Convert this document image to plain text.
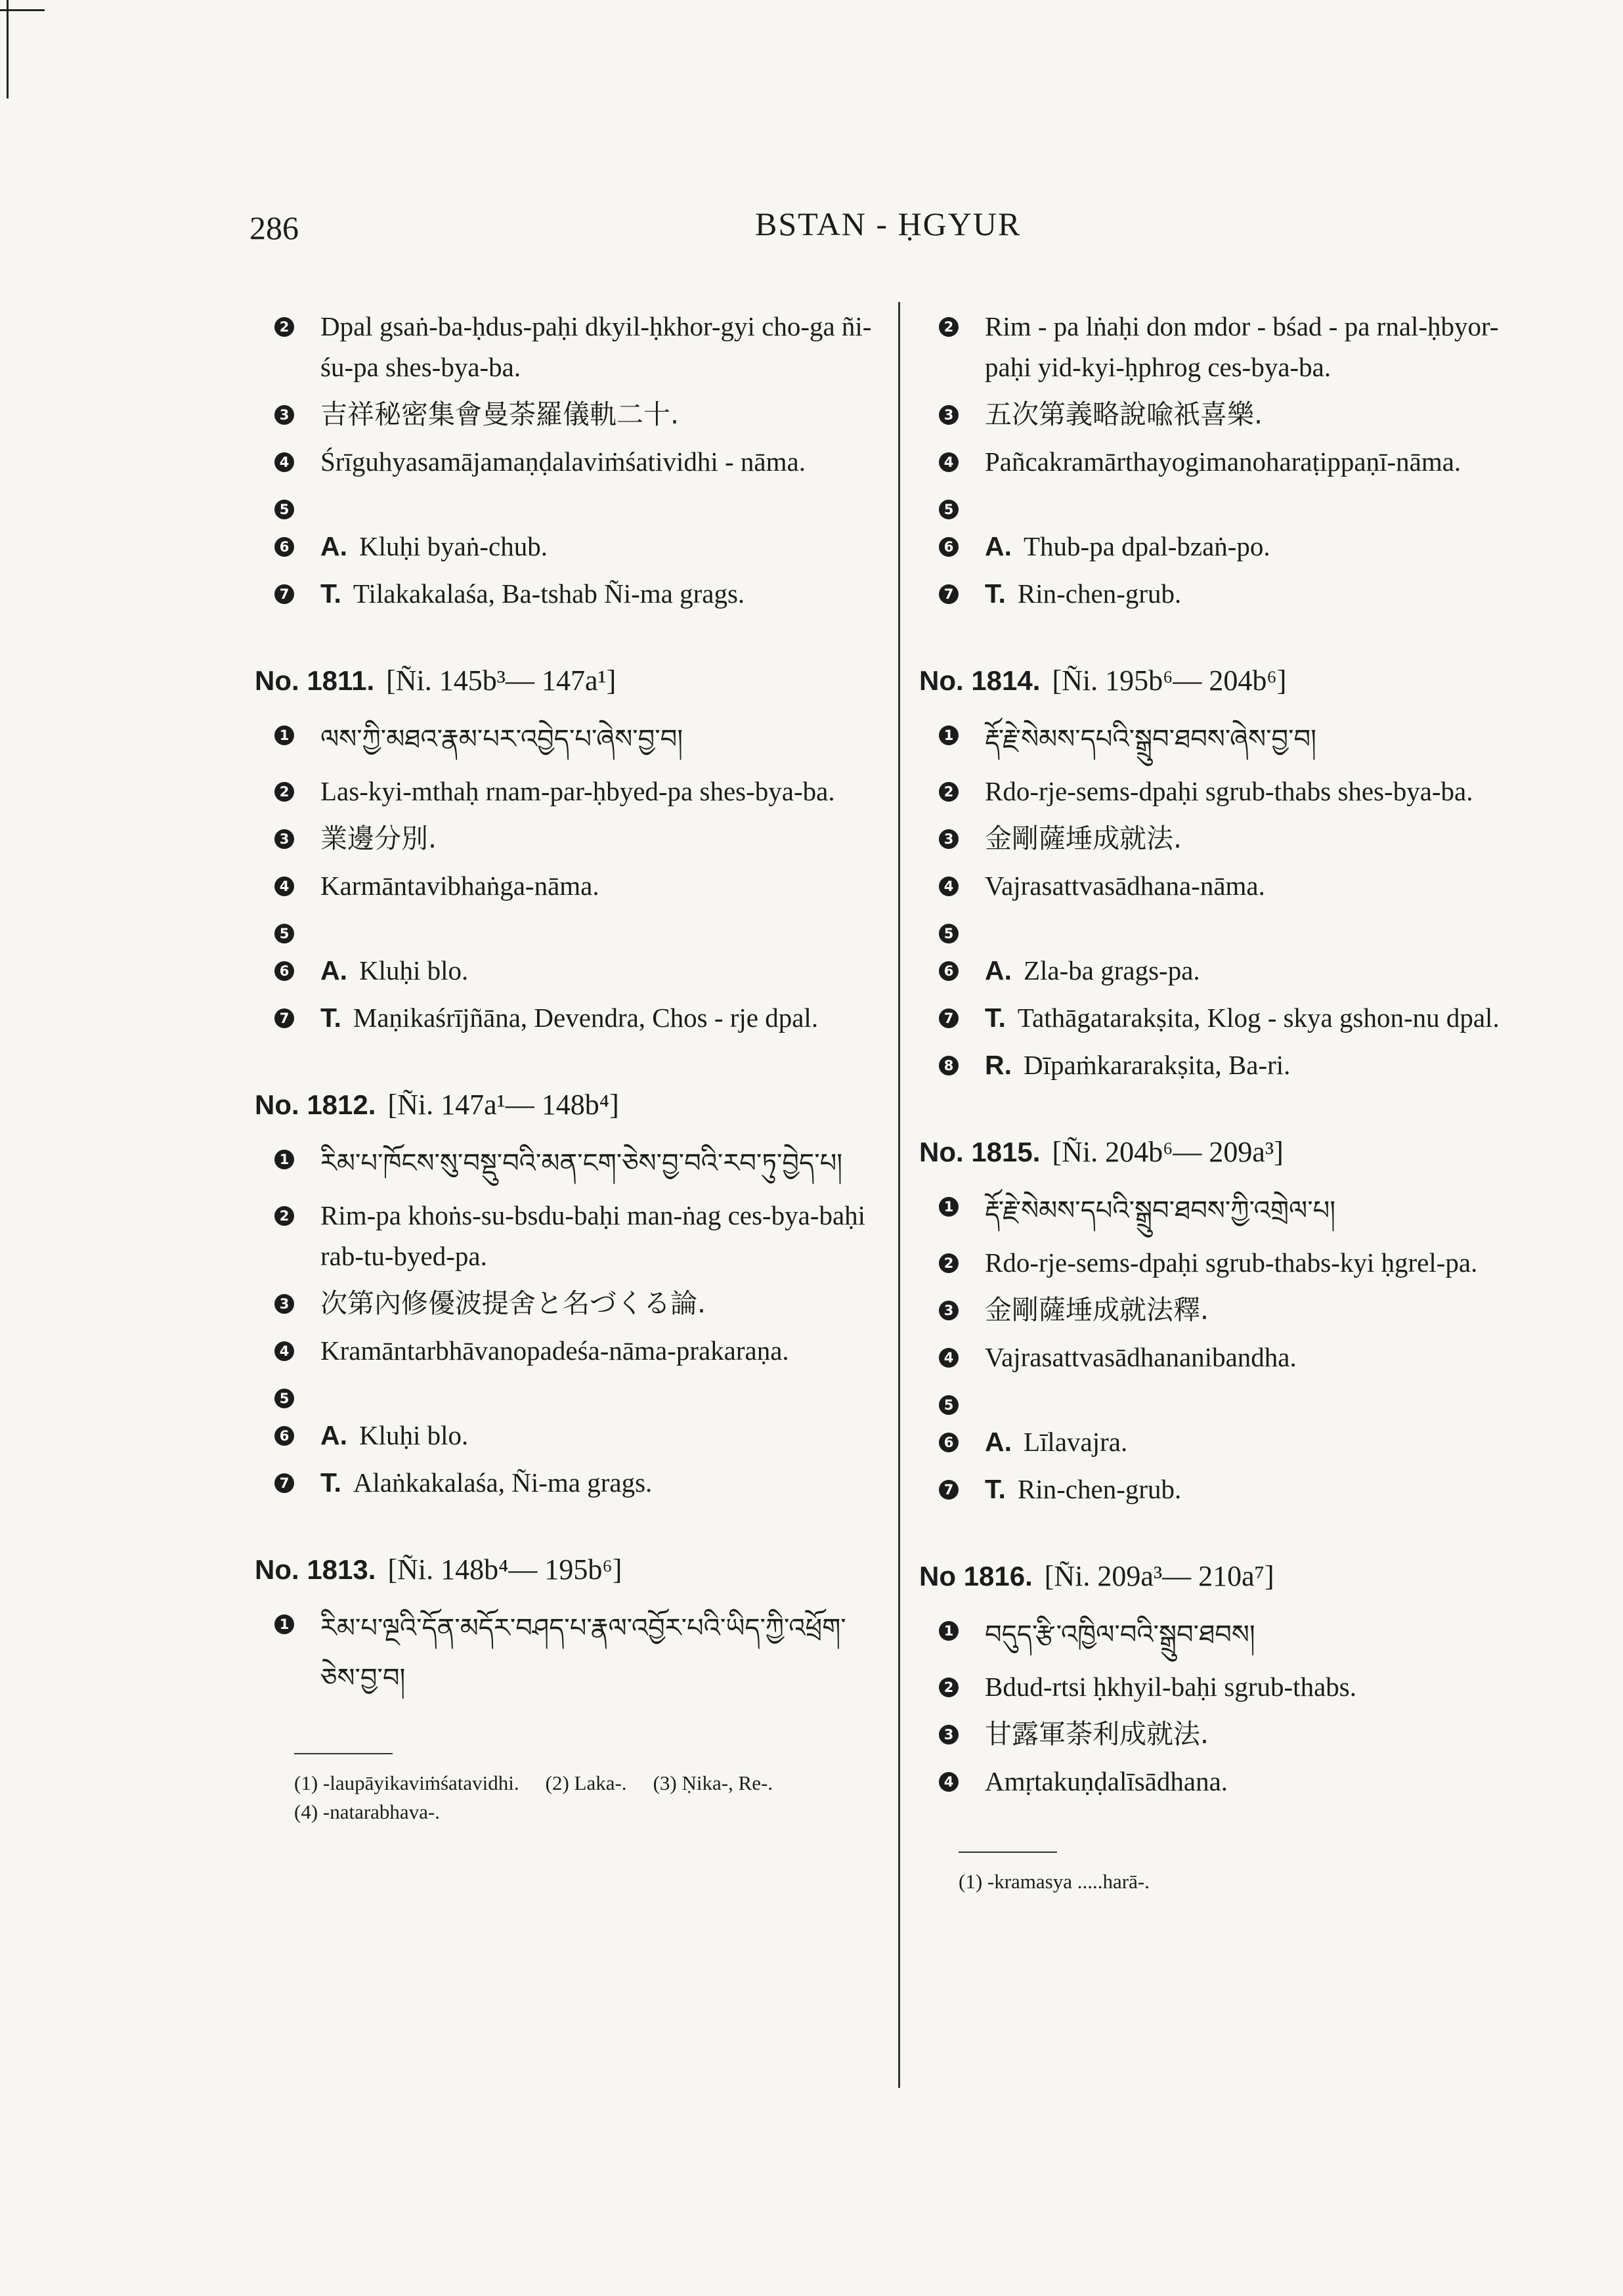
286	BSTAN - ḤGYUR
2 Dpal gsaṅ-ba-ḥdus-paḥi dkyil-ḥkhor-gyi cho-ga ñi-śu-pa shes-bya-ba.
3 吉祥秘密集會曼荼羅儀軌二十.
4 Śrīguhyasamājamaṇḍalaviṁśatividhi - nāma.
5
6 A. Kluḥi byaṅ-chub.
7 T. Tilakakalaśa, Ba-tshab Ñi-ma grags.
No. 1811. [Ñi. 145b³— 147a¹]
1 ལས་ཀྱི་མཐའ་རྣམ་པར་འབྱེད་པ་ཞེས་བྱ་བ།
2 Las-kyi-mthaḥ rnam-par-ḥbyed-pa shes-bya-ba.
3 業邊分別.
4 Karmāntavibhaṅga-nāma.
5
6 A. Kluḥi blo.
7 T. Maṇikaśrījñāna, Devendra, Chos - rje dpal.
No. 1812. [Ñi. 147a¹— 148b⁴]
1 རིམ་པ་ཁོངས་སུ་བསྡུ་བའི་མན་ངག་ཅེས་བྱ་བའི་རབ་ཏུ་བྱེད་པ།
2 Rim-pa khoṅs-su-bsdu-baḥi man-ṅag ces-bya-baḥi rab-tu-byed-pa.
3 次第內修優波提舍と名づくる論.
4 Kramāntarbhāvanopadeśa-nāma-prakaraṇa.
5
6 A. Kluḥi blo.
7 T. Alaṅkakalaśa, Ñi-ma grags.
No. 1813. [Ñi. 148b⁴— 195b⁶]
1 རིམ་པ་ལྔའི་དོན་མདོར་བཤད་པ་རྣལ་འབྱོར་པའི་ཡིད་ཀྱི་འཕྲོག་ཅེས་བྱ་བ།
(1) -laupāyikaviṁśatavidhi. (2) Laka-. (3) Ṇika-, Re-.(4) -natarabhava-.
2 Rim - pa lṅaḥi don mdor - bśad - pa rnal-ḥbyor-paḥi yid-kyi-ḥphrog ces-bya-ba.
3 五次第義略說喩祇喜樂.
4 Pañcakramārthayogimanoharaṭippaṇī-nāma.
5
6 A. Thub-pa dpal-bzaṅ-po.
7 T. Rin-chen-grub.
No. 1814. [Ñi. 195b⁶— 204b⁶]
1 རྡོ་རྗེ་སེམས་དཔའི་སྒྲུབ་ཐབས་ཞེས་བྱ་བ།
2 Rdo-rje-sems-dpaḥi sgrub-thabs shes-bya-ba.
3 金剛薩埵成就法.
4 Vajrasattvasādhana-nāma.
5
6 A. Zla-ba grags-pa.
7 T. Tathāgatarakṣita, Klog - skya gshon-nu dpal.
8 R. Dīpaṁkararakṣita, Ba-ri.
No. 1815. [Ñi. 204b⁶— 209a³]
1 རྡོ་རྗེ་སེམས་དཔའི་སྒྲུབ་ཐབས་ཀྱི་འགྲེལ་པ།
2 Rdo-rje-sems-dpaḥi sgrub-thabs-kyi ḥgrel-pa.
3 金剛薩埵成就法釋.
4 Vajrasattvasādhananibandha.
5
6 A. Līlavajra.
7 T. Rin-chen-grub.
No 1816. [Ñi. 209a³— 210a⁷]
1 བདུད་རྩི་འཁྱིལ་བའི་སྒྲུབ་ཐབས།
2 Bdud-rtsi ḥkhyil-baḥi sgrub-thabs.
3 甘露軍荼利成就法.
4 Amṛtakuṇḍalīsādhana.
(1) -kramasya .....harā-.
